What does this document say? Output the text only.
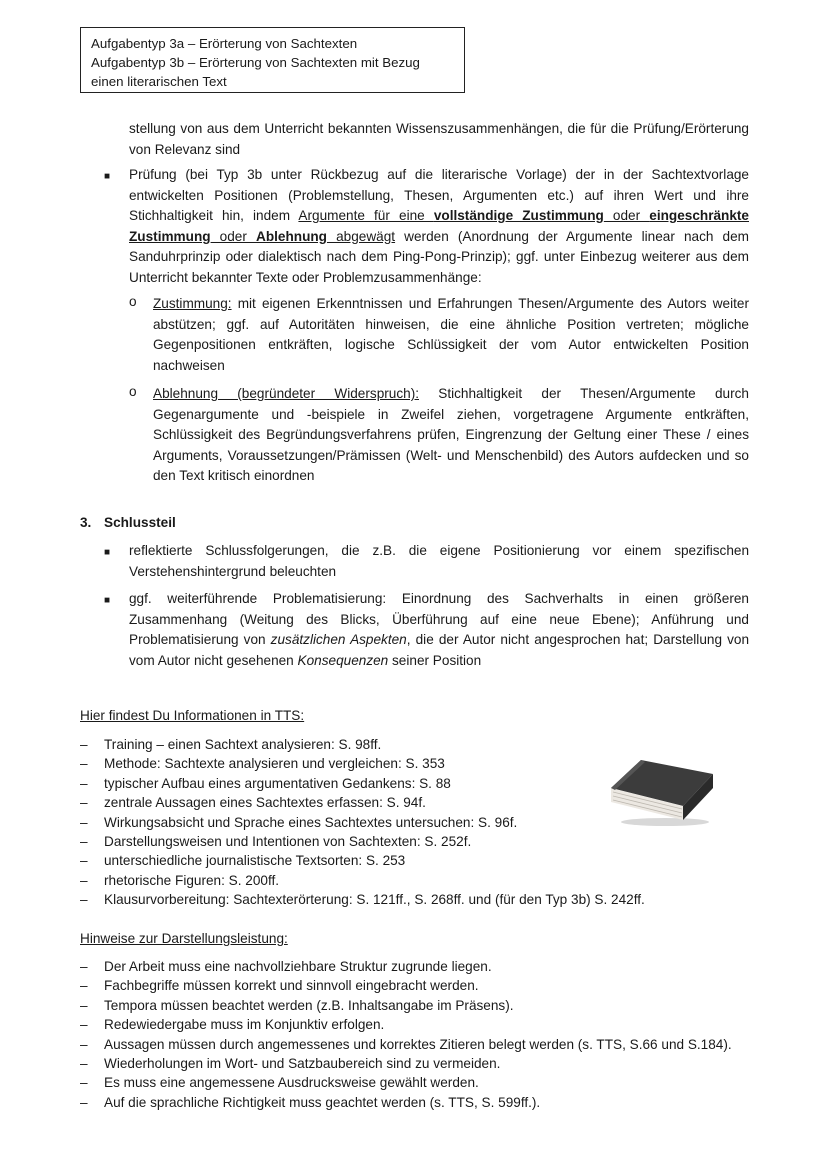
Aufgabentyp 3a – Erörterung von Sachtexten
Aufgabentyp 3b – Erörterung von Sachtexten mit Bezug
einen literarischen Text
stellung von aus dem Unterricht bekannten Wissenszusammenhängen, die für die Prüfung/Erörterung von Relevanz sind
■ Prüfung (bei Typ 3b unter Rückbezug auf die literarische Vorlage) der in der Sachtextvorlage entwickelten Positionen (Problemstellung, Thesen, Argumenten etc.) auf ihren Wert und ihre Stichhaltigkeit hin, indem Argumente für eine vollständige Zustimmung oder eingeschränkte Zustimmung oder Ablehnung abgewägt werden (Anordnung der Argumente linear nach dem Sanduhrprinzip oder dialektisch nach dem Ping-Pong-Prinzip); ggf. unter Einbezug weiterer aus dem Unterricht bekannter Texte oder Problemzusammenhänge:
o Zustimmung: mit eigenen Erkenntnissen und Erfahrungen Thesen/Argumente des Autors weiter abstützen; ggf. auf Autoritäten hinweisen, die eine ähnliche Position vertreten; mögliche Gegenpositionen entkräften, logische Schlüssigkeit der vom Autor entwickelten Position nachweisen
o Ablehnung (begründeter Widerspruch): Stichhaltigkeit der Thesen/Argumente durch Gegenargumente und -beispiele in Zweifel ziehen, vorgetragene Argumente entkräften, Schlüssigkeit des Begründungsverfahrens prüfen, Eingrenzung der Geltung einer These / eines Arguments, Voraussetzungen/Prämissen (Welt- und Menschenbild) des Autors aufdecken und so den Text kritisch einordnen
3. Schlussteil
■ reflektierte Schlussfolgerungen, die z.B. die eigene Positionierung vor einem spezifischen Verstehenshintergrund beleuchten
■ ggf. weiterführende Problematisierung: Einordnung des Sachverhalts in einen größeren Zusammenhang (Weitung des Blicks, Überführung auf eine neue Ebene); Anführung und Problematisierung von zusätzlichen Aspekten, die der Autor nicht angesprochen hat; Darstellung von vom Autor nicht gesehenen Konsequenzen seiner Position
Hier findest Du Informationen in TTS:
– Training – einen Sachtext analysieren: S. 98ff.
– Methode: Sachtexte analysieren und vergleichen: S. 353
– typischer Aufbau eines argumentativen Gedankens: S. 88
– zentrale Aussagen eines Sachtextes erfassen: S. 94f.
– Wirkungsabsicht und Sprache eines Sachtextes untersuchen: S. 96f.
– Darstellungsweisen und Intentionen von Sachtexten: S. 252f.
– unterschiedliche journalistische Textsorten: S. 253
– rhetorische Figuren: S. 200ff.
– Klausurvorbereitung: Sachtexterörterung: S. 121ff., S. 268ff. und (für den Typ 3b) S. 242ff.
Hinweise zur Darstellungsleistung:
– Der Arbeit muss eine nachvollziehbare Struktur zugrunde liegen.
– Fachbegriffe müssen korrekt und sinnvoll eingebracht werden.
– Tempora müssen beachtet werden (z.B. Inhaltsangabe im Präsens).
– Redewiedergabe muss im Konjunktiv erfolgen.
– Aussagen müssen durch angemessenes und korrektes Zitieren belegt werden (s. TTS, S.66 und S.184).
– Wiederholungen im Wort- und Satzbaubereich sind zu vermeiden.
– Es muss eine angemessene Ausdrucksweise gewählt werden.
– Auf die sprachliche Richtigkeit muss geachtet werden (s. TTS, S. 599ff.).
